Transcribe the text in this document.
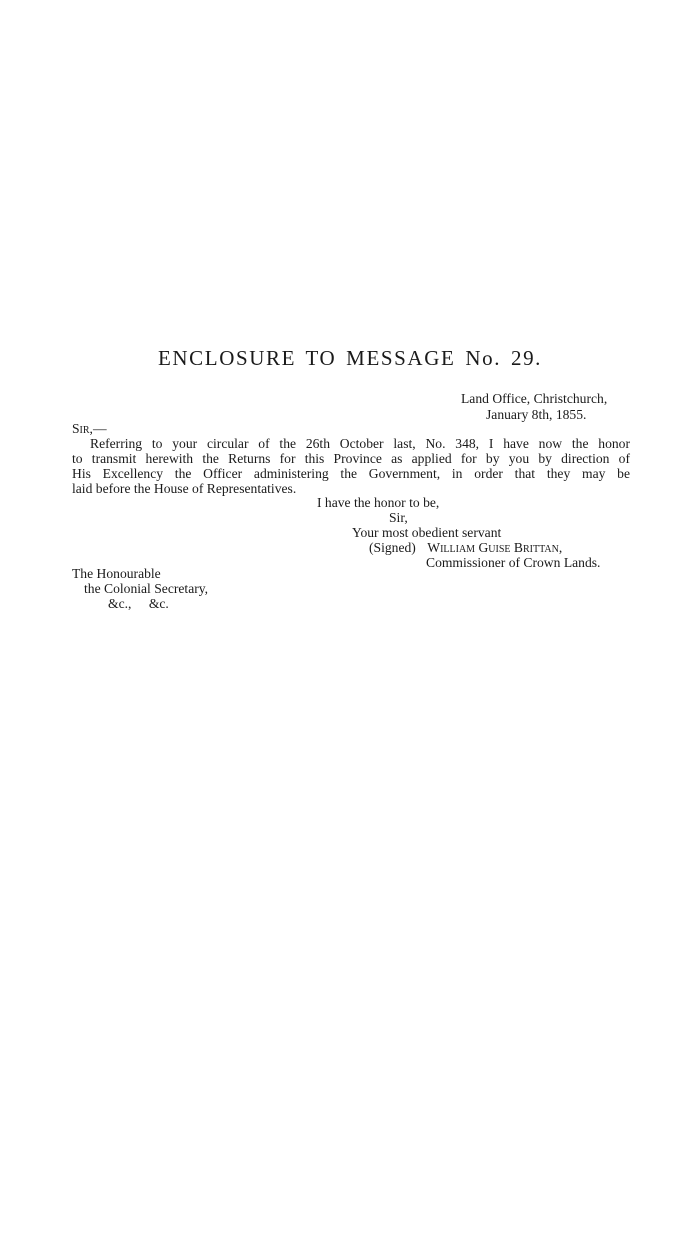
ENCLOSURE TO MESSAGE No. 29.
Land Office, Christchurch,
January 8th, 1855.
Sir,—
Referring to your circular of the 26th October last, No. 348, I have now the honor
to transmit herewith the Returns for this Province as applied for by you by direction of
His Excellency the Officer administering the Government, in order that they may be
laid before the House of Representatives.
I have the honor to be,
Sir,
Your most obedient servant
(Signed) William Guise Brittan,
Commissioner of Crown Lands.
The Honourable
the Colonial Secretary,
&c., &c.
